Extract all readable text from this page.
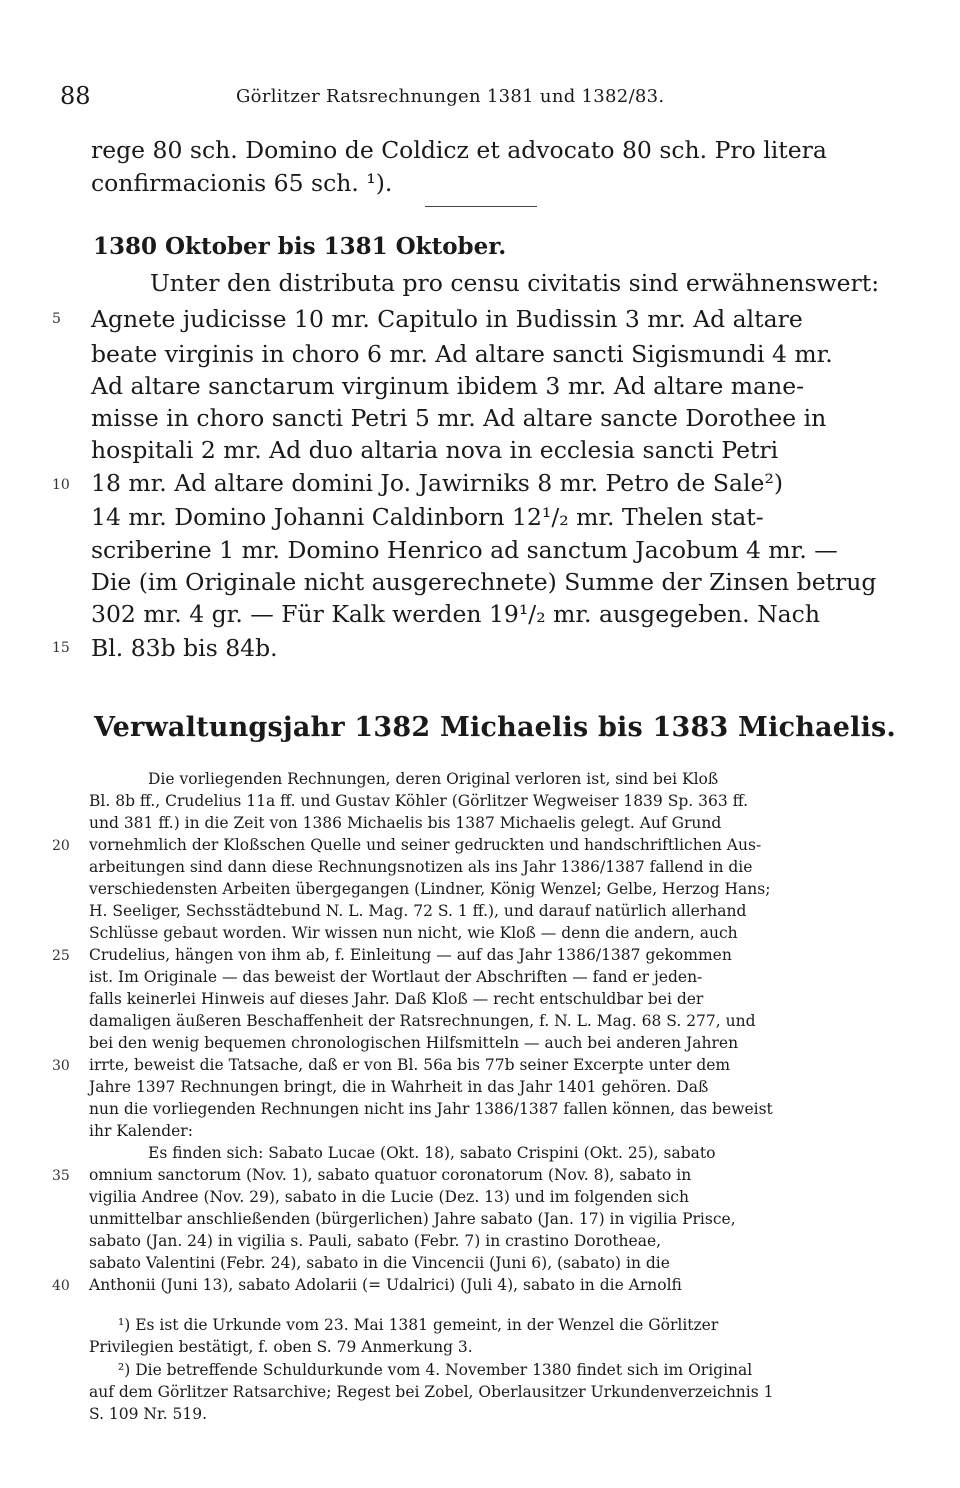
88	Görlitzer Ratsrechnungen 1381 und 1382/83.
rege 80 sch. Domino de Coldicz et advocato 80 sch. Pro litera
confirmacionis 65 sch. ¹).
1380 Oktober bis 1381 Oktober.
Unter den distributa pro censu civitatis sind erwähnenswert:
Agnete judicisse 10 mr. Capitulo in Budissin 3 mr. Ad altare
beate virginis in choro 6 mr. Ad altare sancti Sigismundi 4 mr.
Ad altare sanctarum virginum ibidem 3 mr. Ad altare mane-
misse in choro sancti Petri 5 mr. Ad altare sancte Dorothee in
hospitali 2 mr. Ad duo altaria nova in ecclesia sancti Petri
18 mr. Ad altare domini Jo. Jawirniks 8 mr. Petro de Sale²)
14 mr. Domino Johanni Caldinborn 12¹/₂ mr. Thelen stat-
scriberine 1 mr. Domino Henrico ad sanctum Jacobum 4 mr. —
Die (im Originale nicht ausgerechnete) Summe der Zinsen betrug
302 mr. 4 gr. — Für Kalk werden 19¹/₂ mr. ausgegeben. Nach
Bl. 83b bis 84b.
Verwaltungsjahr 1382 Michaelis bis 1383 Michaelis.
Die vorliegenden Rechnungen, deren Original verloren ist, sind bei Kloß
Bl. 8b ff., Crudelius 11a ff. und Gustav Köhler (Görlitzer Wegweiser 1839 Sp. 363 ff.
und 381 ff.) in die Zeit von 1386 Michaelis bis 1387 Michaelis gelegt. Auf Grund
vornehmlich der Kloßschen Quelle und seiner gedruckten und handschriftlichen Aus-
arbeitungen sind dann diese Rechnungsnotizen als ins Jahr 1386/1387 fallend in die
verschiedensten Arbeiten übergegangen (Lindner, König Wenzel; Gelbe, Herzog Hans;
H. Seeliger, Sechsstädtebund N. L. Mag. 72 S. 1 ff.), und darauf natürlich allerhand
Schlüsse gebaut worden. Wir wissen nun nicht, wie Kloß — denn die andern, auch
Crudelius, hängen von ihm ab, f. Einleitung — auf das Jahr 1386/1387 gekommen
ist. Im Originale — das beweist der Wortlaut der Abschriften — fand er jeden-
falls keinerlei Hinweis auf dieses Jahr. Daß Kloß — recht entschuldbar bei der
damaligen äußeren Beschaffenheit der Ratsrechnungen, f. N. L. Mag. 68 S. 277, und
bei den wenig bequemen chronologischen Hilfsmitteln — auch bei anderen Jahren
irrte, beweist die Tatsache, daß er von Bl. 56a bis 77b seiner Excerpte unter dem
Jahre 1397 Rechnungen bringt, die in Wahrheit in das Jahr 1401 gehören. Daß
nun die vorliegenden Rechnungen nicht ins Jahr 1386/1387 fallen können, das beweist
ihr Kalender:
Es finden sich: Sabato Lucae (Okt. 18), sabato Crispini (Okt. 25), sabato
omnium sanctorum (Nov. 1), sabato quatuor coronatorum (Nov. 8), sabato in
vigilia Andree (Nov. 29), sabato in die Lucie (Dez. 13) und im folgenden sich
unmittelbar anschließenden (bürgerlichen) Jahre sabato (Jan. 17) in vigilia Prisce,
sabato (Jan. 24) in vigilia s. Pauli, sabato (Febr. 7) in crastino Dorotheae,
sabato Valentini (Febr. 24), sabato in die Vincencii (Juni 6), (sabato) in die
Anthonii (Juni 13), sabato Adolarii (= Udalrici) (Juli 4), sabato in die Arnolfi
¹) Es ist die Urkunde vom 23. Mai 1381 gemeint, in der Wenzel die Görlitzer
Privilegien bestätigt, f. oben S. 79 Anmerkung 3.
²) Die betreffende Schuldurkunde vom 4. November 1380 findet sich im Original
auf dem Görlitzer Ratsarchive; Regest bei Zobel, Oberlausitzer Urkundenverzeichnis 1
S. 109 Nr. 519.
5
10
15
20
25
30
35
40
